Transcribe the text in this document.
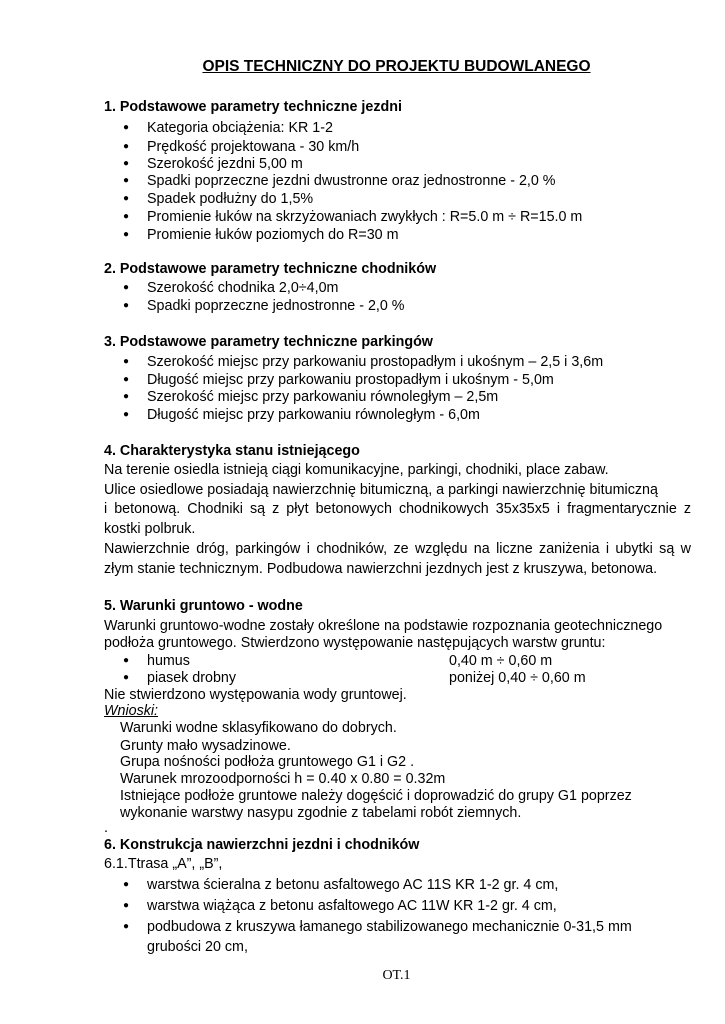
OPIS TECHNICZNY DO PROJEKTU BUDOWLANEGO
1. Podstawowe parametry techniczne jezdni
● Kategoria obciążenia: KR 1-2
● Prędkość projektowana - 30 km/h
● Szerokość jezdni 5,00 m
● Spadki poprzeczne jezdni dwustronne oraz jednostronne - 2,0 %
● Spadek podłużny do 1,5%
● Promienie łuków na skrzyżowaniach zwykłych : R=5.0 m ÷ R=15.0 m
● Promienie łuków poziomych do R=30 m
2. Podstawowe parametry techniczne chodników
● Szerokość chodnika 2,0÷4,0m
● Spadki poprzeczne jednostronne - 2,0 %
3. Podstawowe parametry techniczne parkingów
● Szerokość miejsc przy parkowaniu prostopadłym i ukośnym – 2,5 i 3,6m
● Długość miejsc przy parkowaniu prostopadłym i ukośnym - 5,0m
● Szerokość miejsc przy parkowaniu równoległym – 2,5m
● Długość miejsc przy parkowaniu równoległym - 6,0m
4. Charakterystyka stanu istniejącego
Na terenie osiedla istnieją ciągi komunikacyjne, parkingi, chodniki, place zabaw.
Ulice osiedlowe posiadają nawierzchnię bitumiczną, a parkingi nawierzchnię bitumiczną
i betonową. Chodniki są z płyt betonowych chodnikowych 35x35x5 i fragmentarycznie z
kostki polbruk.
Nawierzchnie dróg, parkingów i chodników, ze względu na liczne zaniżenia i ubytki są w
złym stanie technicznym. Podbudowa nawierzchni jezdnych jest z kruszywa, betonowa.
5. Warunki gruntowo - wodne
Warunki gruntowo-wodne zostały określone na podstawie rozpoznania geotechnicznego
podłoża gruntowego. Stwierdzono występowanie następujących warstw gruntu:
● humus	0,40 m ÷ 0,60 m
● piasek drobny	poniżej 0,40 ÷ 0,60 m
Nie stwierdzono występowania wody gruntowej.
Wnioski:
Warunki wodne sklasyfikowano do dobrych.
Grunty mało wysadzinowe.
Grupa nośności podłoża gruntowego G1 i G2 .
Warunek mrozoodporności h = 0.40 x 0.80 = 0.32m
Istniejące podłoże gruntowe należy dogęścić i doprowadzić do grupy G1 poprzez
wykonanie warstwy nasypu zgodnie z tabelami robót ziemnych.
.
6. Konstrukcja nawierzchni jezdni i chodników
6.1.Ttrasa „A”, „B”,
● warstwa ścieralna z betonu asfaltowego AC 11S KR 1-2 gr. 4 cm,
● warstwa wiążąca z betonu asfaltowego AC 11W KR 1-2 gr. 4 cm,
● podbudowa z kruszywa łamanego stabilizowanego mechanicznie 0-31,5 mm
grubości 20 cm,
OT.1
